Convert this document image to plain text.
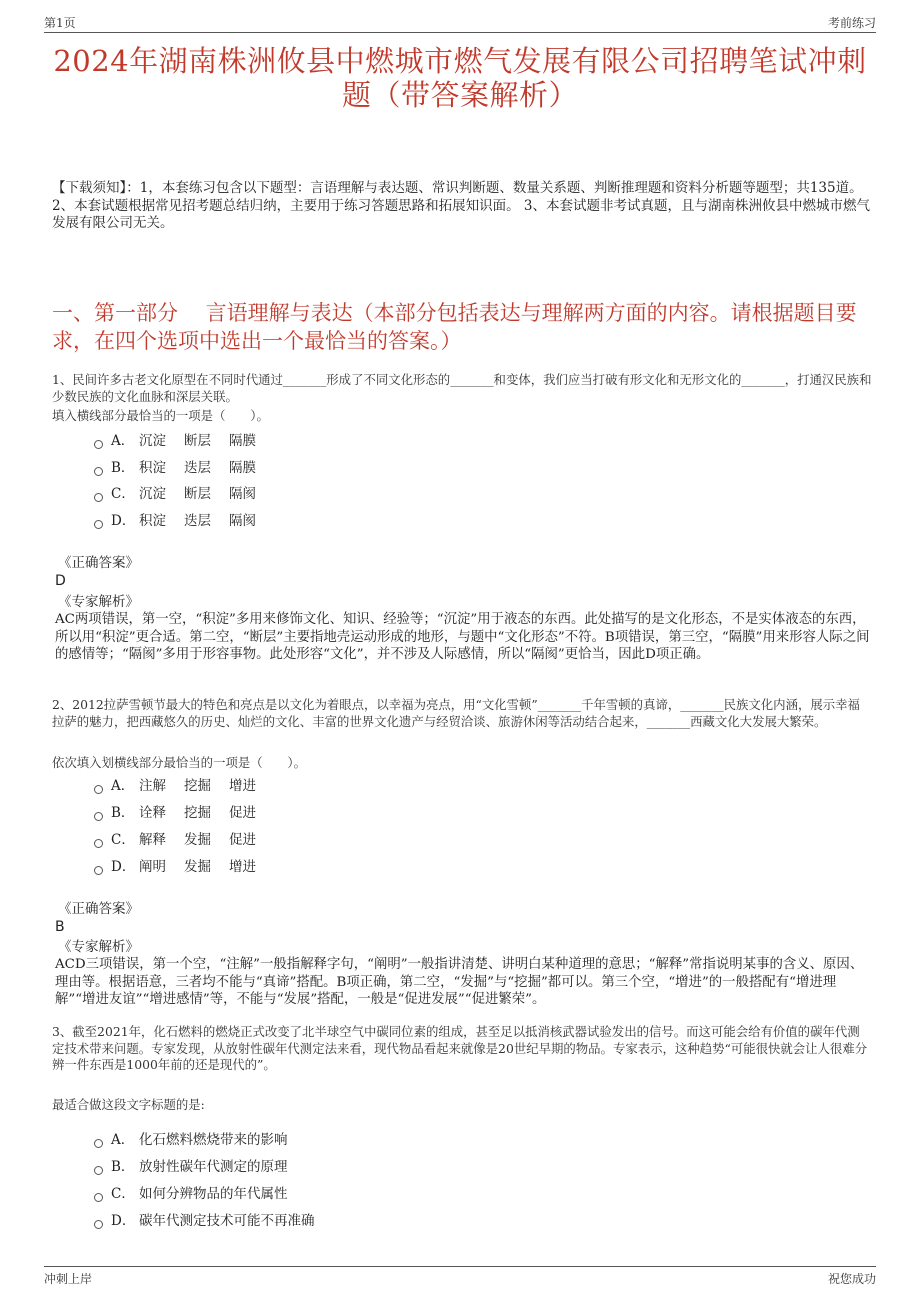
第1页	考前练习
2024年湖南株洲攸县中燃城市燃气发展有限公司招聘笔试冲刺题（带答案解析）
【下载须知】：1，本套练习包含以下题型：言语理解与表达题、常识判断题、数量关系题、判断推理题和资料分析题等题型；共135道。 2、本套试题根据常见招考题总结归纳，主要用于练习答题思路和拓展知识面。 3、本套试题非考试真题，且与湖南株洲攸县中燃城市燃气发展有限公司无关。
一、第一部分　 言语理解与表达（本部分包括表达与理解两方面的内容。请根据题目要求，在四个选项中选出一个最恰当的答案。）
1、民间许多古老文化原型在不同时代通过_______形成了不同文化形态的_______和变体，我们应当打破有形文化和无形文化的_______，打通汉民族和少数民族的文化血脉和深层关联。
填入横线部分最恰当的一项是（　　）。
A． 沉淀 断层 隔膜
B． 积淀 迭层 隔膜
C． 沉淀 断层 隔阂
D． 积淀 迭层 隔阂
《正确答案》
D
《专家解析》
AC两项错误，第一空，“积淀”多用来修饰文化、知识、经验等；“沉淀”用于液态的东西。此处描写的是文化形态，不是实体液态的东西，所以用“积淀”更合适。第二空，“断层”主要指地壳运动形成的地形，与题中“文化形态”不符。B项错误，第三空，“隔膜”用来形容人际之间的感情等；“隔阂”多用于形容事物。此处形容“文化”，并不涉及人际感情，所以“隔阂”更恰当，因此D项正确。
2、2012拉萨雪顿节最大的特色和亮点是以文化为着眼点，以幸福为亮点，用“文化雪顿”_______千年雪顿的真谛，_______民族文化内涵，展示幸福拉萨的魅力，把西藏悠久的历史、灿烂的文化、丰富的世界文化遗产与经贸洽谈、旅游休闲等活动结合起来，_______西藏文化大发展大繁荣。
依次填入划横线部分最恰当的一项是（　　）。
A． 注解 挖掘 增进
B． 诠释 挖掘 促进
C． 解释 发掘 促进
D． 阐明 发掘 增进
《正确答案》
B
《专家解析》
ACD三项错误，第一个空，“注解”一般指解释字句，“阐明”一般指讲清楚、讲明白某种道理的意思；“解释”常指说明某事的含义、原因、理由等。根据语意，三者均不能与“真谛”搭配。B项正确，第二空，“发掘”与“挖掘”都可以。第三个空，“增进”的一般搭配有“增进理解”“增进友谊”“增进感情”等，不能与“发展”搭配，一般是“促进发展”“促进繁荣”。
3、截至2021年，化石燃料的燃烧正式改变了北半球空气中碳同位素的组成，甚至足以抵消核武器试验发出的信号。而这可能会给有价值的碳年代测定技术带来问题。专家发现，从放射性碳年代测定法来看，现代物品看起来就像是20世纪早期的物品。专家表示，这种趋势“可能很快就会让人很难分辨一件东西是1000年前的还是现代的”。
最适合做这段文字标题的是:
A． 化石燃料燃烧带来的影响
B． 放射性碳年代测定的原理
C． 如何分辨物品的年代属性
D． 碳年代测定技术可能不再准确
冲刺上岸	祝您成功
